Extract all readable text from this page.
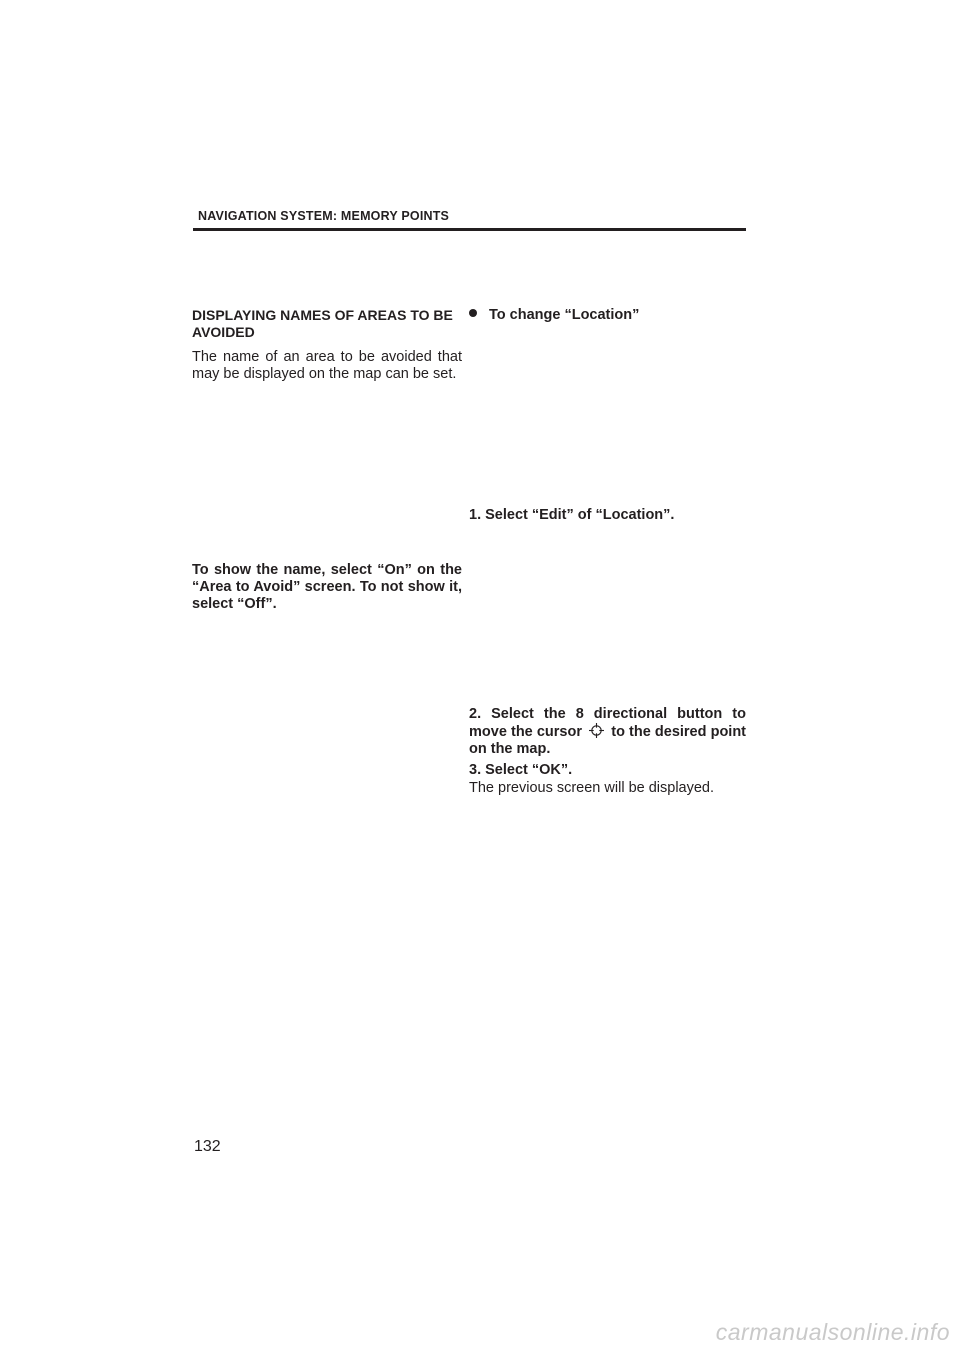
NAVIGATION SYSTEM: MEMORY POINTS
DISPLAYING NAMES OF AREAS TO BE AVOIDED
The name of an area to be avoided that may be displayed on the map can be set.
To show the name, select “On” on the “Area to Avoid” screen. To not show it, select “Off”.
To change “Location”
1. Select “Edit” of “Location”.
2. Select the 8 directional button to move the cursor to the desired point on the map.
3. Select “OK”.
The previous screen will be displayed.
132
carmanualsonline.info
